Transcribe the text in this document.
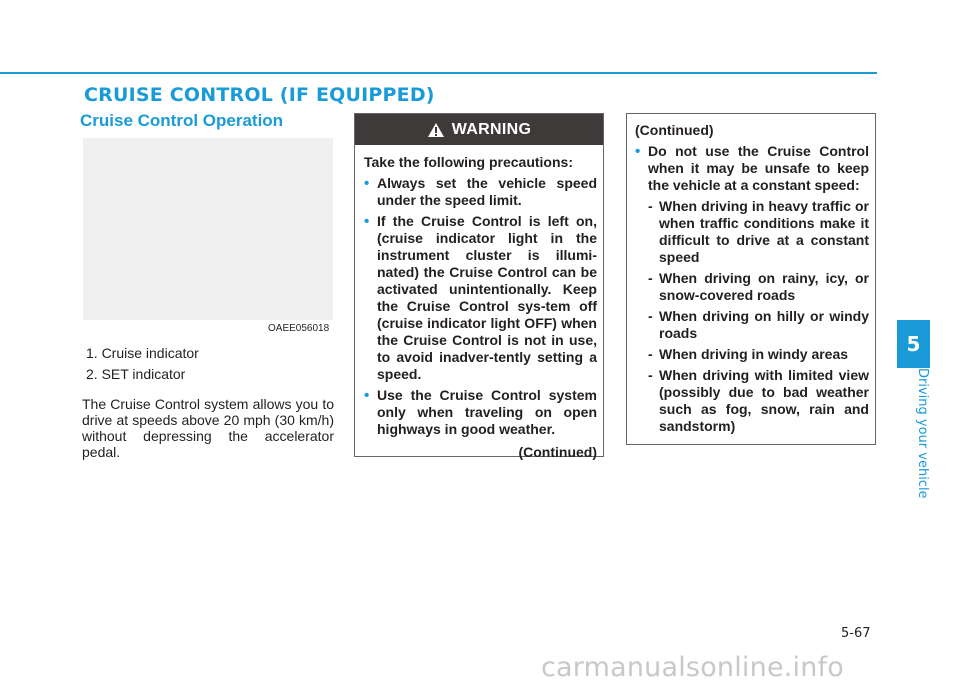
CRUISE CONTROL (IF EQUIPPED)
Cruise Control Operation
OAEE056018
1. Cruise indicator
2. SET indicator

The Cruise Control system allows you to drive at speeds above 20 mph (30 km/h) without depressing the accelerator pedal.

WARNING

Take the following precautions:

• Always set the vehicle speed under the speed limit.
• If the Cruise Control is left on, (cruise indicator light in the instrument cluster is illumi-nated) the Cruise Control can be activated unintentionally. Keep the Cruise Control sys-tem off (cruise indicator light OFF) when the Cruise Control is not in use, to avoid inadver-tently setting a speed.
• Use the Cruise Control system only when traveling on open highways in good weather.

(Continued)

(Continued)

• Do not use the Cruise Control when it may be unsafe to keep the vehicle at a constant speed:
- When driving in heavy traffic or when traffic conditions make it difficult to drive at a constant speed
- When driving on rainy, icy, or snow-covered roads
- When driving on hilly or windy roads
- When driving in windy areas
- When driving with limited view (possibly due to bad weather such as fog, snow, rain and sandstorm)
5
Driving your vehicle
5-67
carmanualsonline.info
